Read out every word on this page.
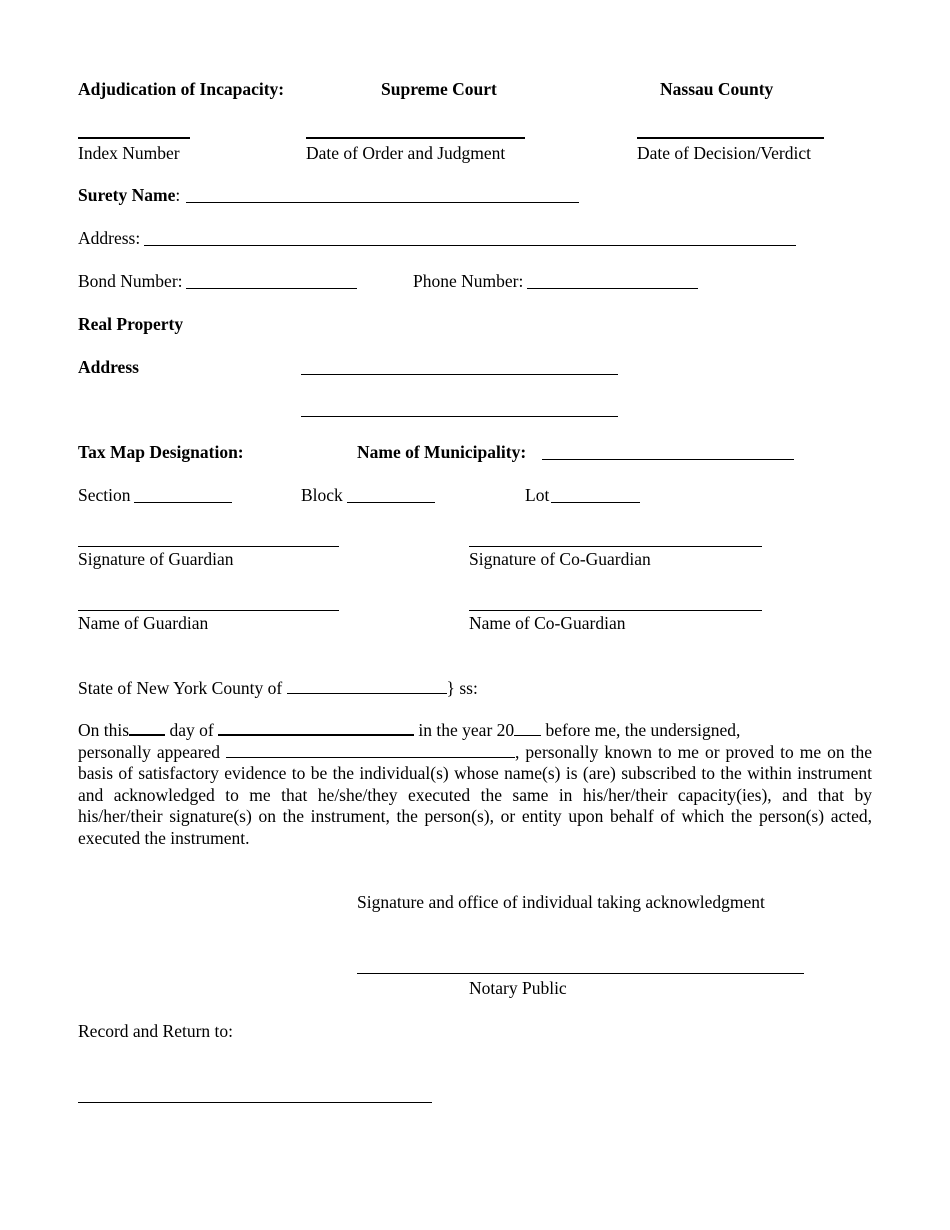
Adjudication of Incapacity:	Supreme Court	Nassau County
Index Number	Date of Order and Judgment	Date of Decision/Verdict
Surety Name:
Address:
Bond Number:	Phone Number:
Real Property
Address
Tax Map Designation:	Name of Municipality:
Section	Block	Lot
Signature of Guardian	Signature of Co-Guardian
Name of Guardian	Name of Co-Guardian
State of New York County of	} ss:
On this day of	in the year 20 before me, the undersigned,
personally appeared	, personally known to me or proved to me on the basis of satisfactory evidence to be the individual(s) whose name(s) is (are) subscribed to the within instrument and acknowledged to me that he/she/they executed the same in his/her/their capacity(ies), and that by his/her/their signature(s) on the instrument, the person(s), or entity upon behalf of which the person(s) acted, executed the instrument.
Signature and office of individual taking acknowledgment
Notary Public
Record and Return to:
